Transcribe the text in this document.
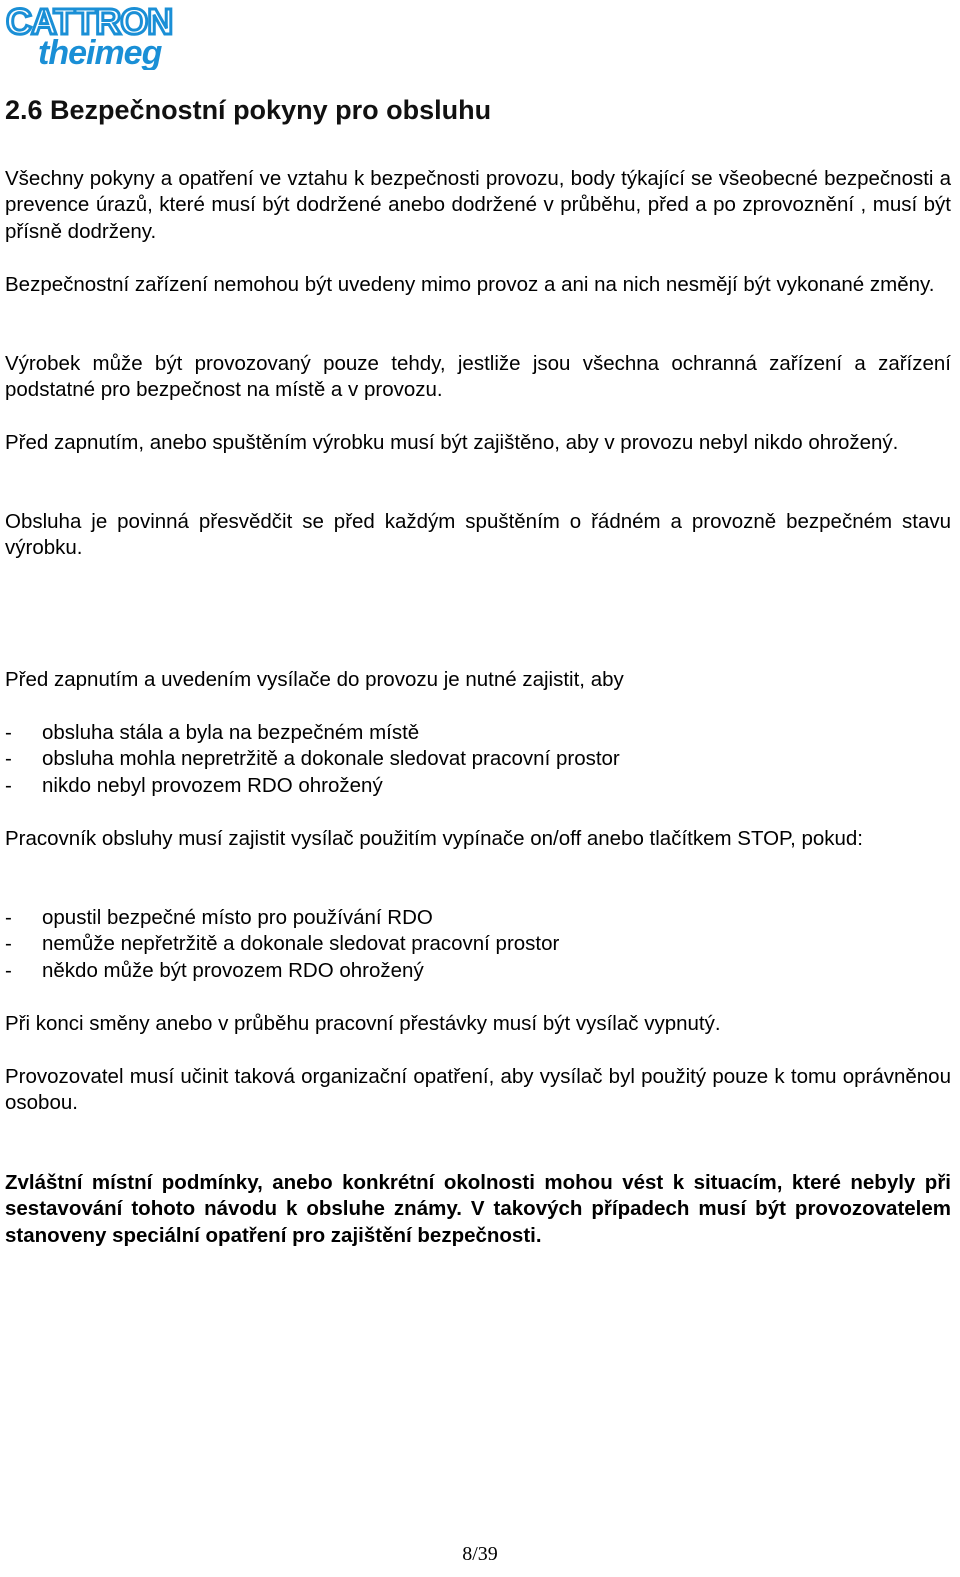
CATTRON
theimeg
2.6 Bezpečnostní pokyny pro obsluhu

Všechny pokyny a opatření ve vztahu k bezpečnosti provozu, body týkající se všeobecné bezpečnosti a prevence úrazů, které musí být dodržené anebo dodržené v průběhu, před a po zprovoznění , musí být přísně dodrženy.

Bezpečnostní zařízení nemohou být uvedeny mimo provoz a ani na nich nesmějí být vykonané změny.

Výrobek může být provozovaný pouze tehdy, jestliže jsou všechna ochranná zařízení a zařízení podstatné pro bezpečnost na místě a v provozu.

Před zapnutím, anebo spuštěním výrobku musí být zajištěno, aby v provozu nebyl nikdo ohrožený.

Obsluha je povinná přesvědčit se před každým spuštěním o řádném a provozně bezpečném stavu výrobku.

Před zapnutím a uvedením vysílače do provozu je nutné zajistit, aby

- obsluha stála a byla na bezpečném místě
- obsluha mohla nepretržitě a dokonale sledovat pracovní prostor
- nikdo nebyl provozem RDO ohrožený

Pracovník obsluhy musí zajistit vysílač použitím vypínače on/off anebo tlačítkem STOP, pokud:

- opustil bezpečné místo pro používání RDO
- nemůže nepřetržitě a dokonale sledovat pracovní prostor
- někdo může být provozem RDO ohrožený

Při konci směny anebo v průběhu pracovní přestávky musí být vysílač vypnutý.

Provozovatel musí učinit taková organizační opatření, aby vysílač byl použitý pouze k tomu oprávněnou osobou.

Zvláštní místní podmínky, anebo konkrétní okolnosti mohou vést k situacím, které nebyly při sestavování tohoto návodu k obsluhe známy. V takových případech musí být provozovatelem stanoveny speciální opatření pro zajištění bezpečnosti.

8/39
